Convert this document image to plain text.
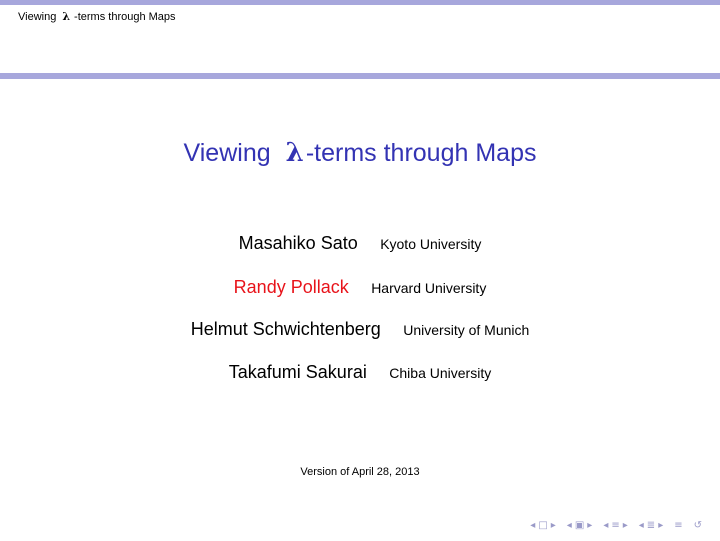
Viewing λ -terms through Maps
Viewing λ-terms through Maps
Masahiko Sato Kyoto University
Randy Pollack Harvard University
Helmut Schwichtenberg University of Munich
Takafumi Sakurai Chiba University
Version of April 28, 2013
◂ □ ▸ ◂ ▣ ▸ ◂ ≡ ▸ ◂ ≣ ▸ ≡ ↺
